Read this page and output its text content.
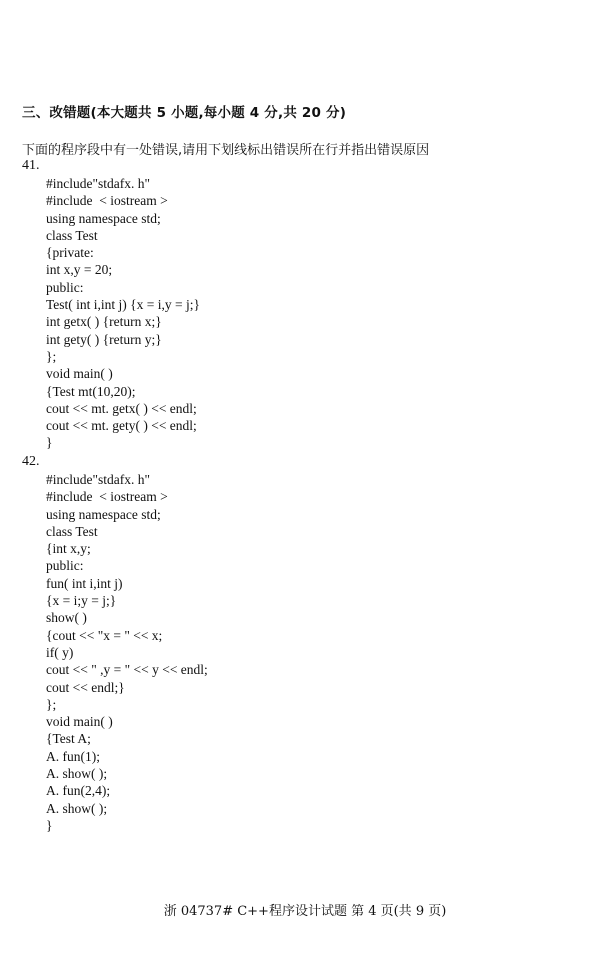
三、改错题(本大题共 5 小题,每小题 4 分,共 20 分)
下面的程序段中有一处错误,请用下划线标出错误所在行并指出错误原因
41.
#include"stdafx. h"
#include  < iostream >
using namespace std;
class Test
{private:
int x,y = 20;
public:
Test( int i,int j) {x = i,y = j;}
int getx( ) {return x;}
int gety( ) {return y;}
};
void main( )
{Test mt(10,20);
cout << mt. getx( ) << endl;
cout << mt. gety( ) << endl;
}
42.
#include"stdafx. h"
#include  < iostream >
using namespace std;
class Test
{int x,y;
public:
fun( int i,int j)
{x = i;y = j;}
show( )
{cout << "x = " << x;
if( y)
cout << " ,y = " << y << endl;
cout << endl;}
};
void main( )
{Test A;
A. fun(1);
A. show( );
A. fun(2,4);
A. show( );
}
浙 04737# C++程序设计试题 第 4 页(共 9 页)
